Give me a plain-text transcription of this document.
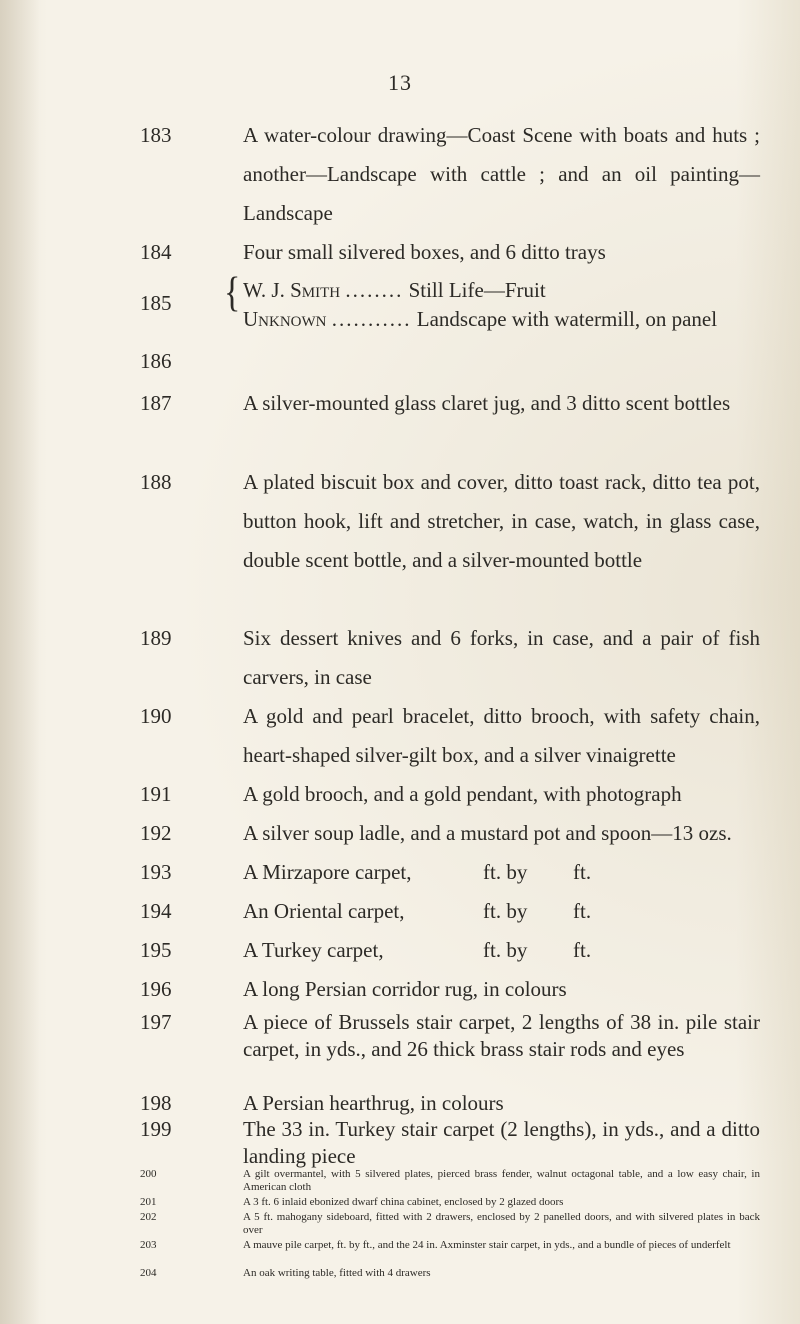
13
183	A water-colour drawing—Coast Scene with boats and huts ; another—Landscape with cattle ; and an oil painting—Landscape
184	Four small silvered boxes, and 6 ditto trays
185	{ W. J. Smith ........ Still Life—Fruit
Unknown ........... Landscape with watermill, on panel
186
187	A silver-mounted glass claret jug, and 3 ditto scent bottles
188	A plated biscuit box and cover, ditto toast rack, ditto tea pot, button hook, lift and stretcher, in case, watch, in glass case, double scent bottle, and a silver-mounted bottle
189	Six dessert knives and 6 forks, in case, and a pair of fish carvers, in case
190	A gold and pearl bracelet, ditto brooch, with safety chain, heart-shaped silver-gilt box, and a silver vinaigrette
191	A gold brooch, and a gold pendant, with photograph
192	A silver soup ladle, and a mustard pot and spoon—13 ozs.
193	A Mirzapore carpet,	ft. by ft.
194	An Oriental carpet,	ft. by ft.
195	A Turkey carpet,	ft. by ft.
196	A long Persian corridor rug, in colours
197	A piece of Brussels stair carpet, 2 lengths of 38 in. pile stair carpet, in yds., and 26 thick brass stair rods and eyes
198	A Persian hearthrug, in colours
199	The 33 in. Turkey stair carpet (2 lengths), in yds., and a ditto landing piece
200	A gilt overmantel, with 5 silvered plates, pierced brass fender, walnut octagonal table, and a low easy chair, in American cloth
201	A 3 ft. 6 inlaid ebonized dwarf china cabinet, enclosed by 2 glazed doors
202	A 5 ft. mahogany sideboard, fitted with 2 drawers, enclosed by 2 panelled doors, and with silvered plates in back over
203	A mauve pile carpet, ft. by ft., and the 24 in. Axminster stair carpet, in yds., and a bundle of pieces of underfelt
204	An oak writing table, fitted with 4 drawers
